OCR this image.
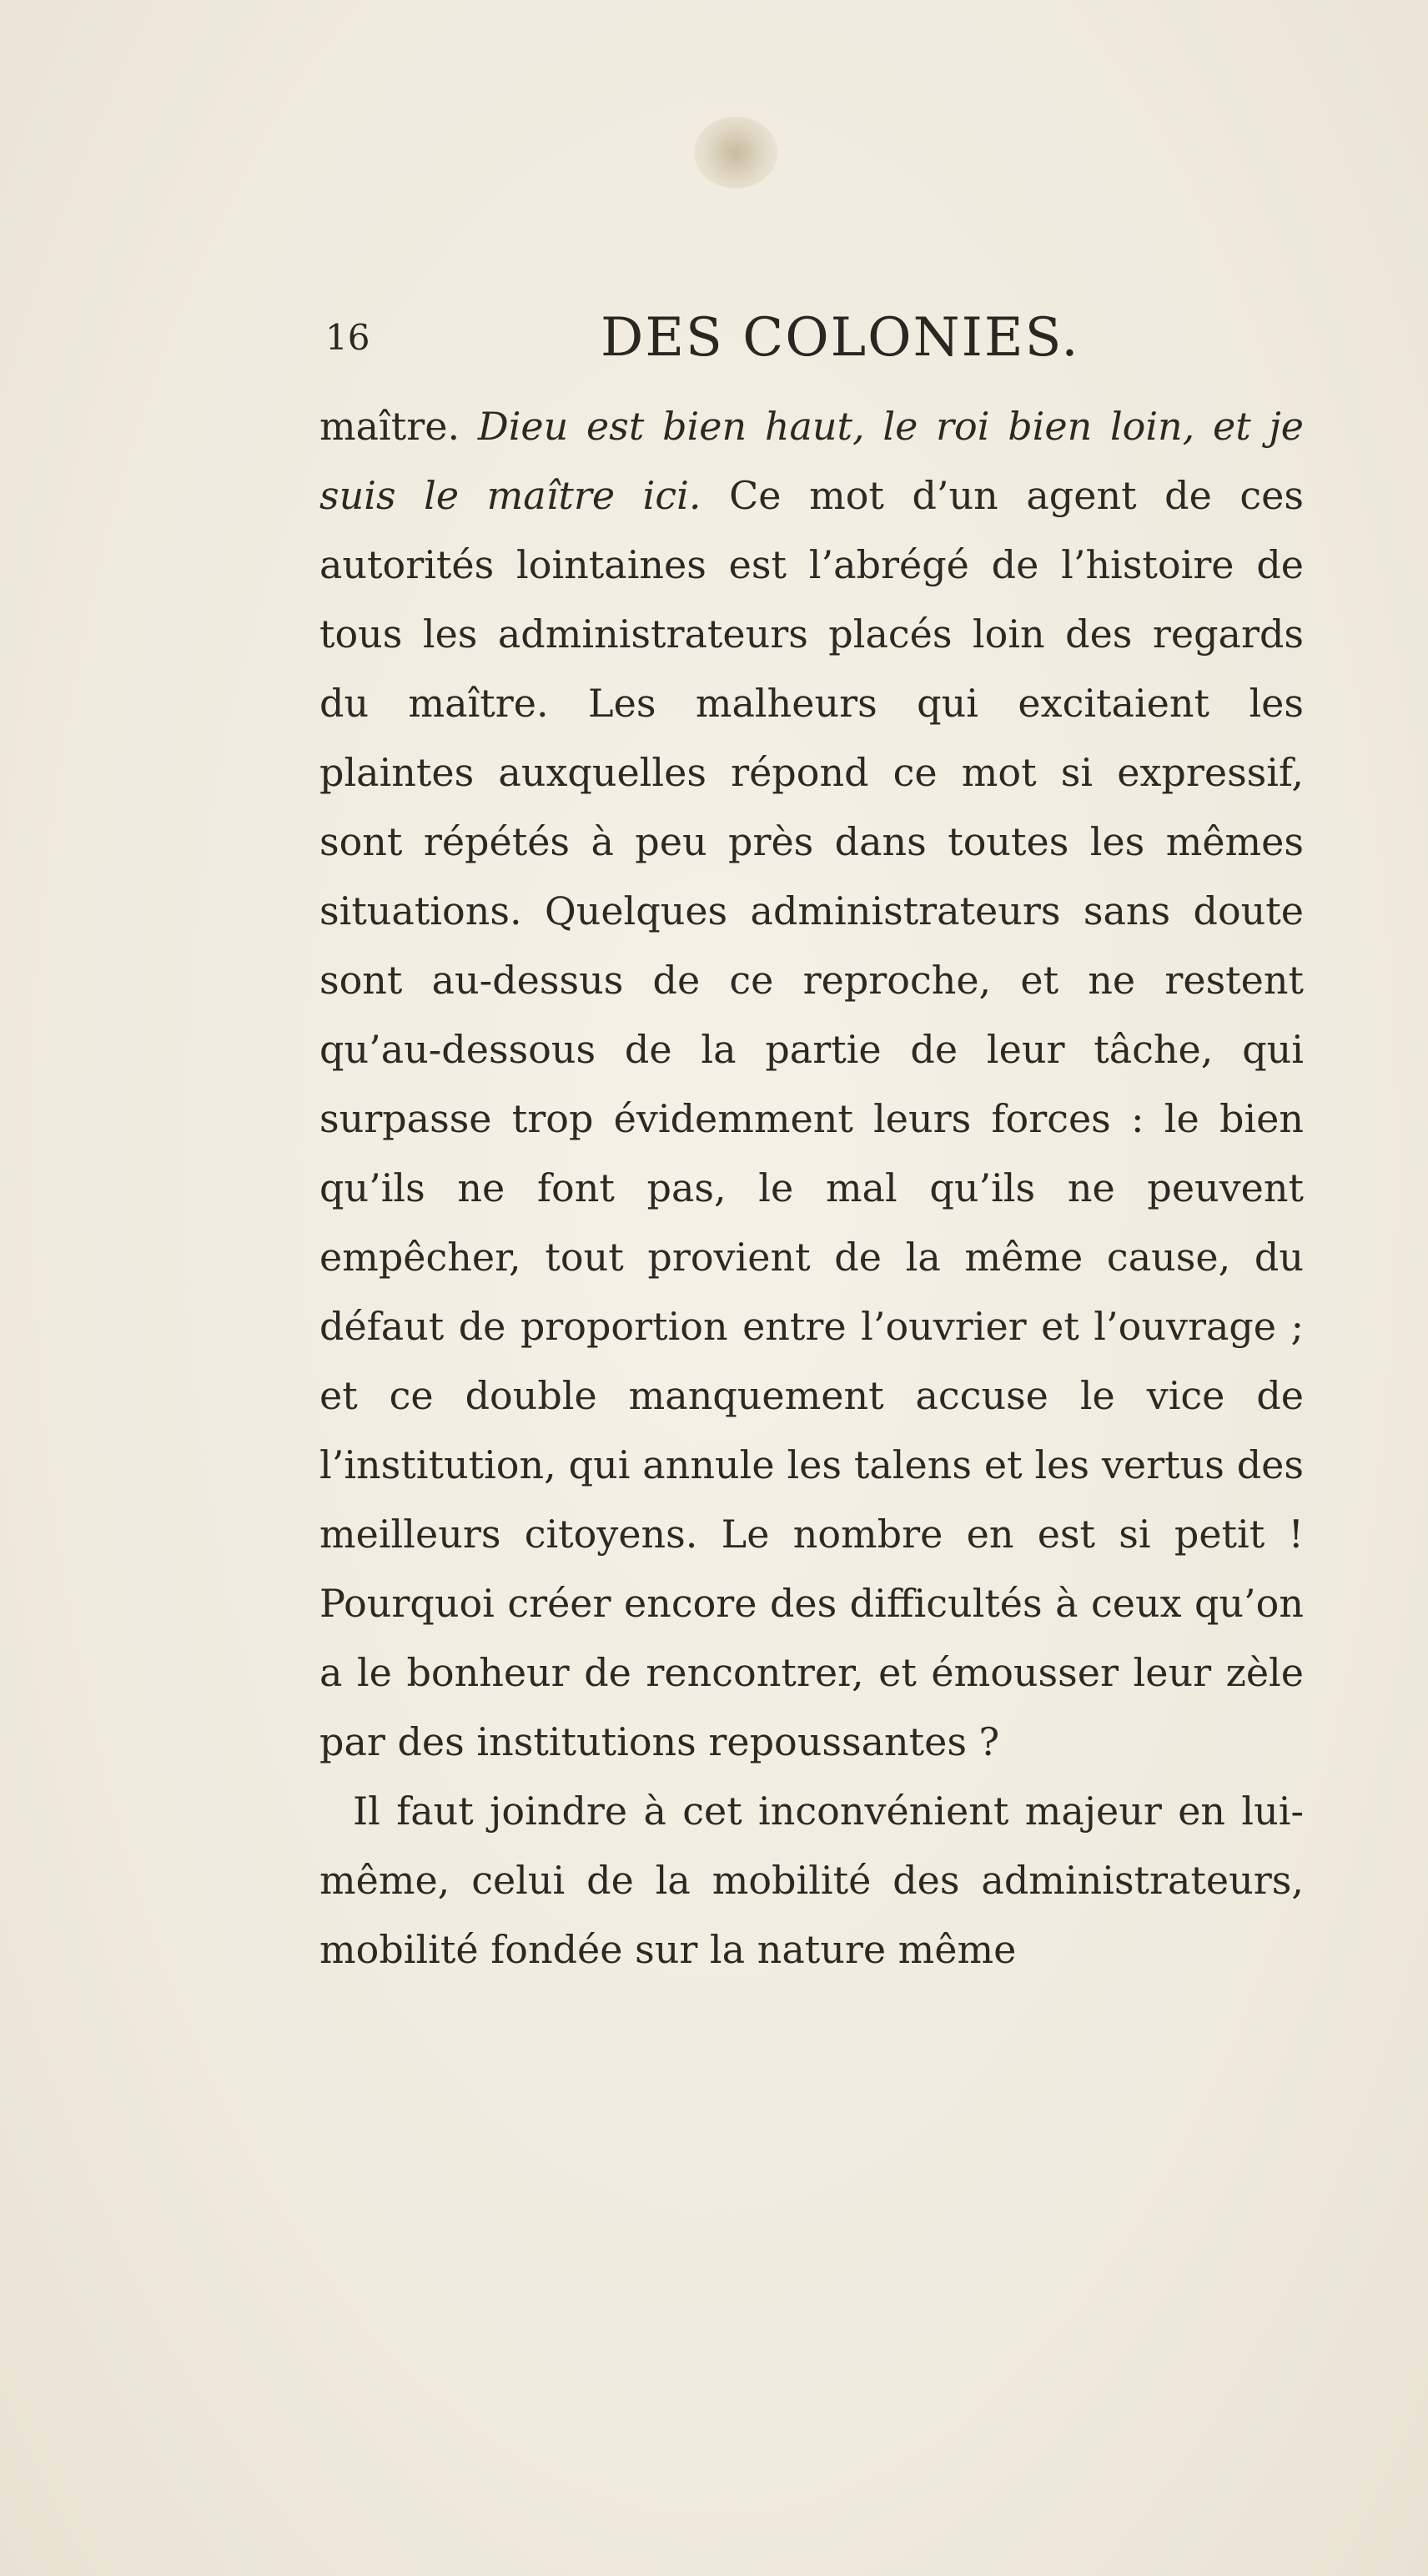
16	DES COLONIES.

maître. Dieu est bien haut, le roi bien loin, et je suis le maître ici. Ce mot d’un agent de ces autorités lointaines est l’abrégé de l’histoire de tous les administrateurs placés loin des regards du maître. Les malheurs qui excitaient les plaintes auxquelles répond ce mot si expressif, sont répétés à peu près dans toutes les mêmes situations. Quelques administrateurs sans doute sont au-dessus de ce reproche, et ne restent qu’au-dessous de la partie de leur tâche, qui surpasse trop évidemment leurs forces : le bien qu’ils ne font pas, le mal qu’ils ne peuvent empêcher, tout provient de la même cause, du défaut de proportion entre l’ouvrier et l’ouvrage ; et ce double manquement accuse le vice de l’institution, qui annule les talens et les vertus des meilleurs citoyens. Le nombre en est si petit ! Pourquoi créer encore des difficultés à ceux qu’on a le bonheur de rencontrer, et émousser leur zèle par des institutions repoussantes ?

Il faut joindre à cet inconvénient majeur en lui-même, celui de la mobilité des administrateurs, mobilité fondée sur la nature même
